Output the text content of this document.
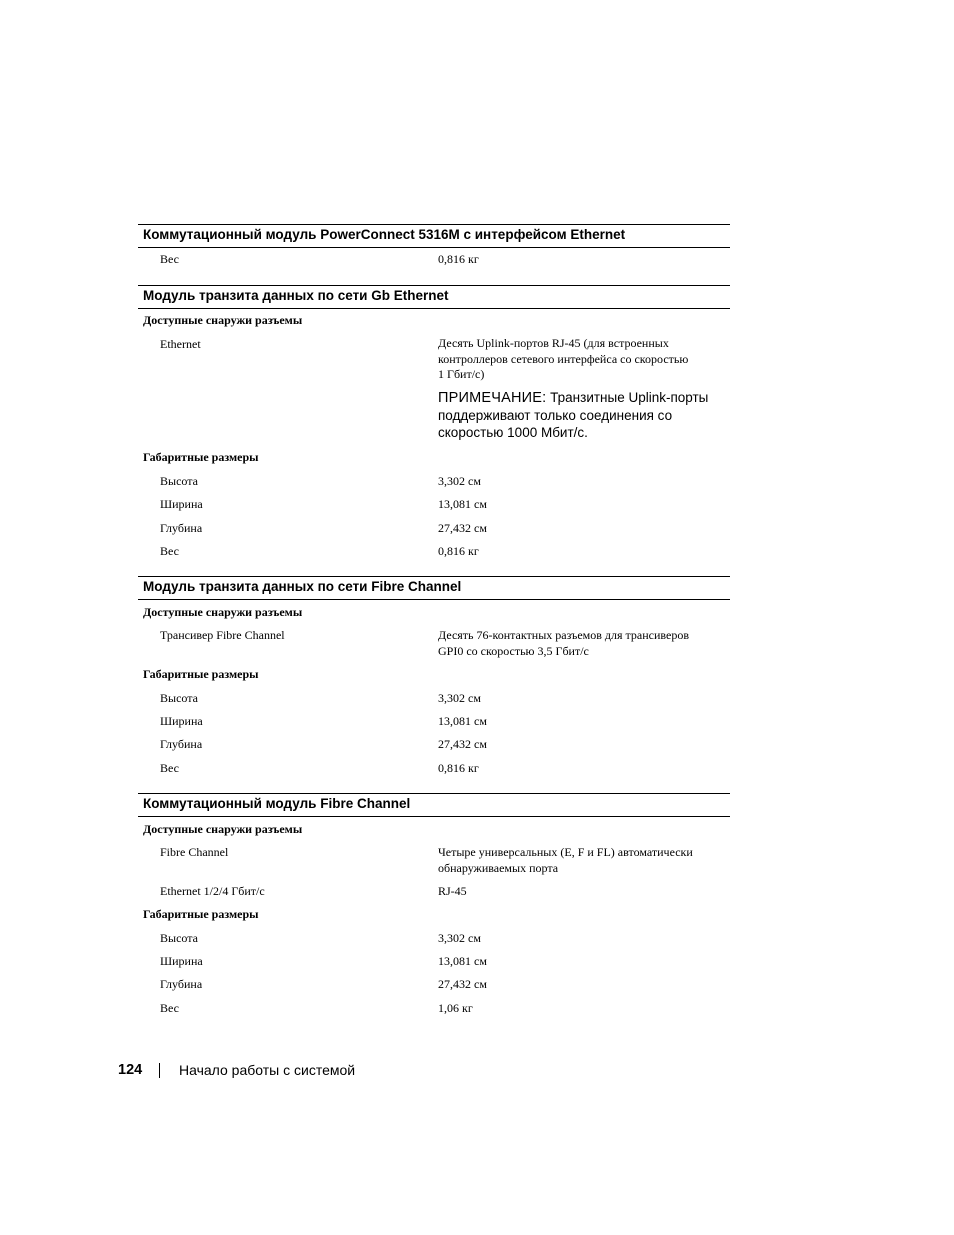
Коммутационный модуль PowerConnect 5316M с интерфейсом Ethernet
Вес	0,816 кг
Модуль транзита данных по сети Gb Ethernet
Доступные снаружи разъемы
Ethernet	Десять Uplink-портов RJ-45 (для встроенных
контроллеров сетевого интерфейса со скоростью
1 Гбит/с)
ПРИМЕЧАНИЕ: Транзитные Uplink-порты поддерживают только соединения со скоростью 1000 Мбит/с.
Габаритные размеры
Высота	3,302 см
Ширина	13,081 см
Глубина	27,432 см
Вес	0,816 кг
Модуль транзита данных по сети Fibre Channel
Доступные снаружи разъемы
Трансивер Fibre Channel	Десять 76-контактных разъемов для трансиверов
GPI0 со скоростью 3,5 Гбит/с
Габаритные размеры
Высота	3,302 см
Ширина	13,081 см
Глубина	27,432 см
Вес	0,816 кг
Коммутационный модуль Fibre Channel
Доступные снаружи разъемы
Fibre Channel	Четыре универсальных (E, F и FL) автоматически
обнаруживаемых порта
Ethernet 1/2/4 Гбит/с	RJ-45
Габаритные размеры
Высота	3,302 см
Ширина	13,081 см
Глубина	27,432 см
Вес	1,06 кг
124	Начало работы с системой
